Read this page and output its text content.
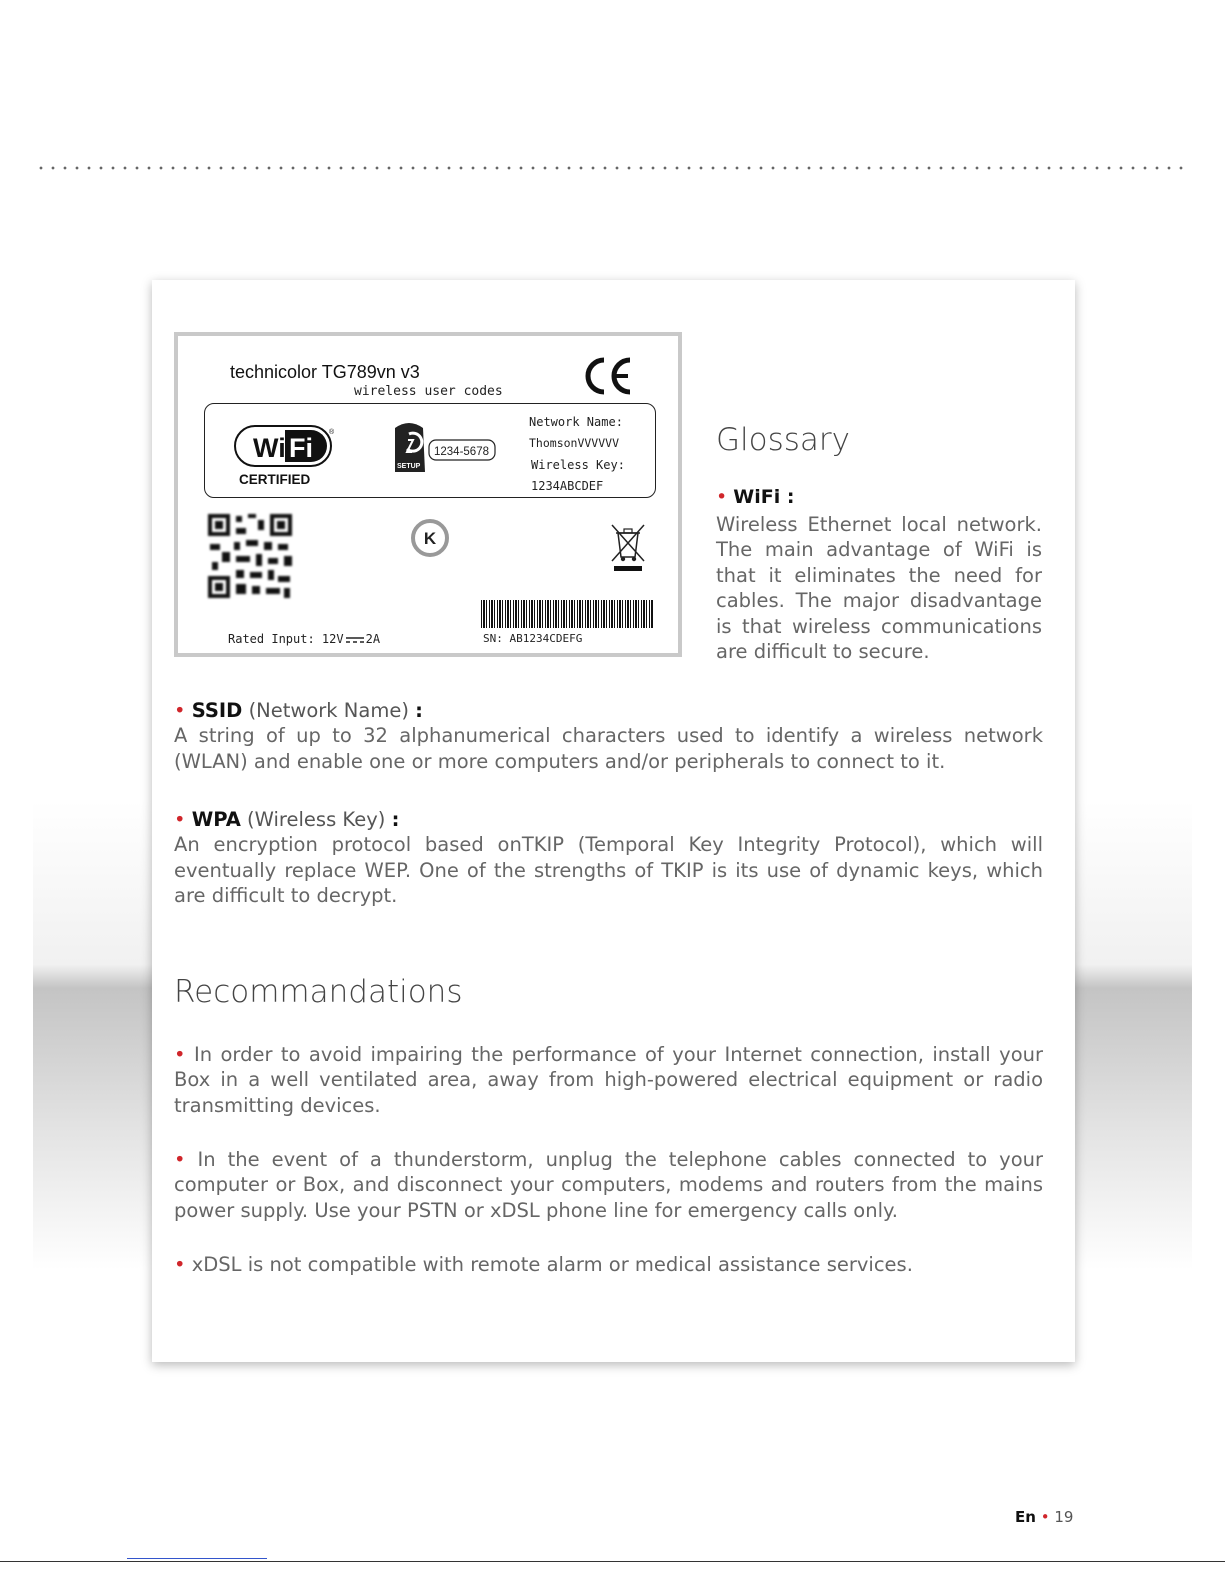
technicolor TG789vn v3
wireless user codes
Wi Fi
®
CERTIFIED
SETUP
1234-5678
Network Name:
ThomsonVVVVVV
Wireless Key:
1234ABCDEF
K
Rated Input: 12V 2A	SN: AB1234CDEFG
Glossary
• WiFi :
Wireless Ethernet local network. The main advantage of WiFi is that it eliminates the need for cables. The major disadvantage is that wireless communications are difficult to secure.
• SSID (Network Name) :
A string of up to 32 alphanumerical characters used to identify a wireless network (WLAN) and enable one or more computers and/or peripherals to connect to it.
• WPA (Wireless Key) :
An encryption protocol based onTKIP (Temporal Key Integrity Protocol), which will eventually replace WEP. One of the strengths of TKIP is its use of dynamic keys, which are difficult to decrypt.
Recommandations
• In order to avoid impairing the performance of your Internet connection, install your Box in a well ventilated area, away from high-powered electrical equipment or radio transmitting devices.
• In the event of a thunderstorm, unplug the telephone cables connected to your computer or Box, and disconnect your computers, modems and routers from the mains power supply. Use your PSTN or xDSL phone line for emergency calls only.
• xDSL is not compatible with remote alarm or medical assistance services.
En • 19
